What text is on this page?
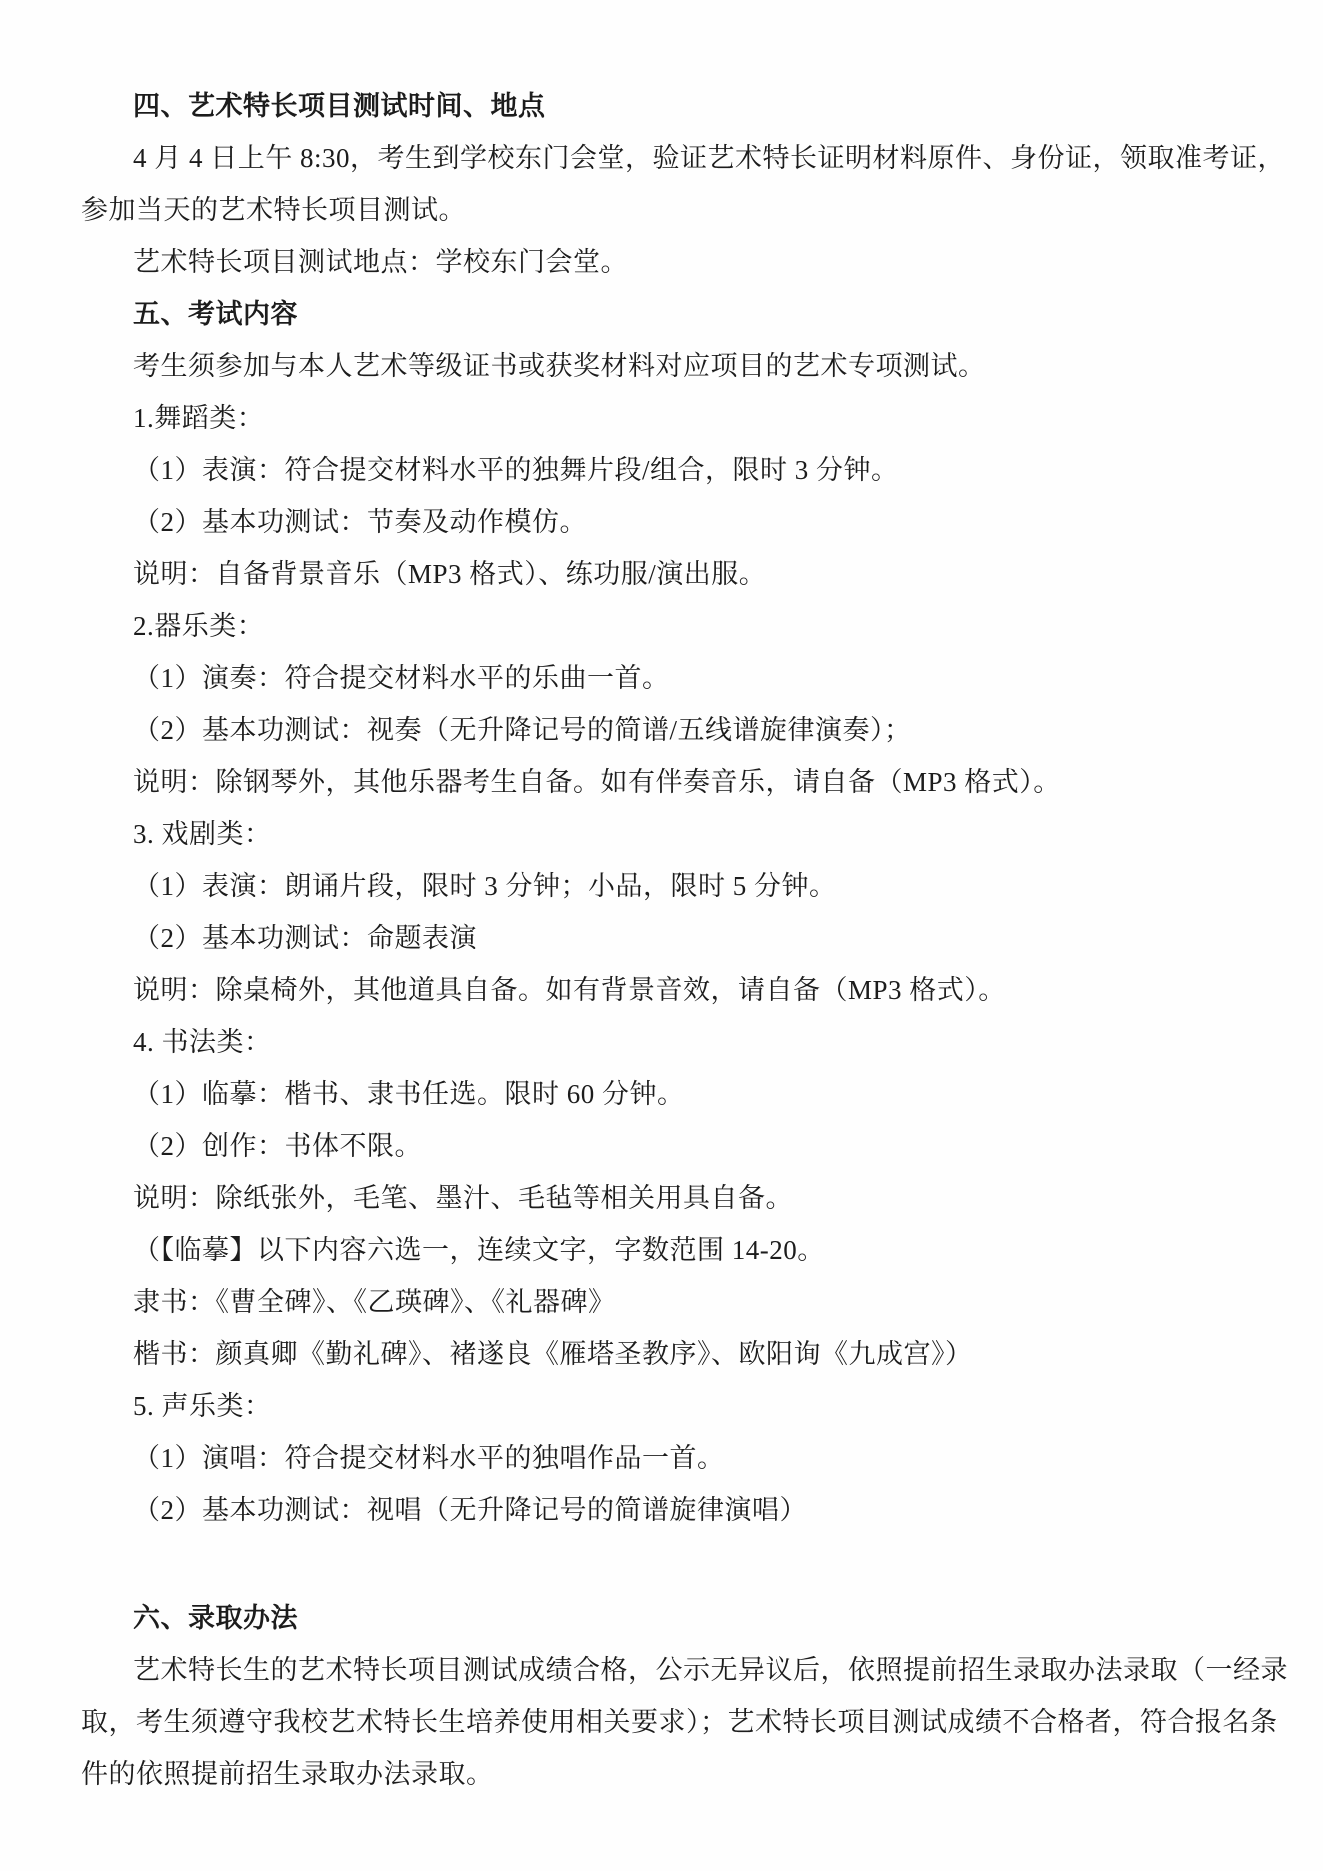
四、艺术特长项目测试时间、地点
4 月 4 日上午 8:30，考生到学校东门会堂，验证艺术特长证明材料原件、身份证，领取准考证，
参加当天的艺术特长项目测试。
艺术特长项目测试地点：学校东门会堂。
五、考试内容
考生须参加与本人艺术等级证书或获奖材料对应项目的艺术专项测试。
1.舞蹈类：
（1）表演：符合提交材料水平的独舞片段/组合，限时 3 分钟。
（2）基本功测试：节奏及动作模仿。
说明：自备背景音乐（MP3 格式）、练功服/演出服。
2.器乐类：
（1）演奏：符合提交材料水平的乐曲一首。
（2）基本功测试：视奏（无升降记号的简谱/五线谱旋律演奏）；
说明：除钢琴外，其他乐器考生自备。如有伴奏音乐，请自备（MP3 格式）。
3. 戏剧类：
（1）表演：朗诵片段，限时 3 分钟；小品，限时 5 分钟。
（2）基本功测试：命题表演
说明：除桌椅外，其他道具自备。如有背景音效，请自备（MP3 格式）。
4. 书法类：
（1）临摹：楷书、隶书任选。限时 60 分钟。
（2）创作：书体不限。
说明：除纸张外，毛笔、墨汁、毛毡等相关用具自备。
（【临摹】以下内容六选一，连续文字，字数范围 14-20。
隶书：《曹全碑》、《乙瑛碑》、《礼器碑》
楷书：颜真卿《勤礼碑》、褚遂良《雁塔圣教序》、欧阳询《九成宫》）
5. 声乐类：
（1）演唱：符合提交材料水平的独唱作品一首。
（2）基本功测试：视唱（无升降记号的简谱旋律演唱）
六、录取办法
艺术特长生的艺术特长项目测试成绩合格，公示无异议后，依照提前招生录取办法录取（一经录
取，考生须遵守我校艺术特长生培养使用相关要求）；艺术特长项目测试成绩不合格者，符合报名条
件的依照提前招生录取办法录取。
